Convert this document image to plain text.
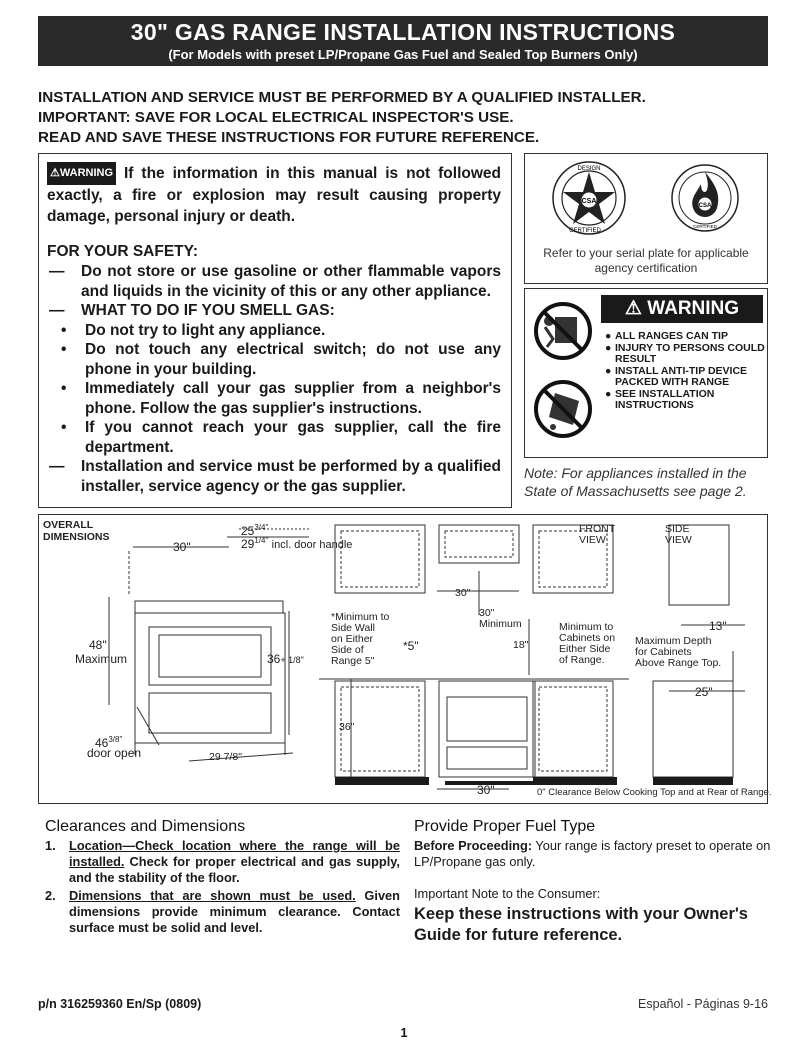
30" GAS RANGE INSTALLATION INSTRUCTIONS
(For Models with preset LP/Propane Gas Fuel and Sealed Top Burners Only)
INSTALLATION AND SERVICE MUST BE PERFORMED BY A QUALIFIED INSTALLER.
IMPORTANT: SAVE FOR LOCAL ELECTRICAL INSPECTOR'S USE.
READ AND SAVE THESE INSTRUCTIONS FOR FUTURE REFERENCE.
⚠WARNING If the information in this manual is not followed exactly, a fire or explosion may result causing property damage, personal injury or death.
FOR YOUR SAFETY:
—	Do not store or use gasoline or other flammable vapors and liquids in the vicinity of this or any other appliance.
—	WHAT TO DO IF YOU SMELL GAS:
•	Do not try to light any appliance.
•	Do not touch any electrical switch; do not use any phone in your building.
•	Immediately call your gas supplier from a neighbor's phone. Follow the gas supplier's instructions.
•	If you cannot reach your gas supplier, call the fire department.
—	Installation and service must be performed by a qualified installer, service agency or the gas supplier.
CSA
DESIGN
CERTIFIED
CSA
CERTIFIED
Refer to your serial plate for applicable agency certification
⚠ WARNING
● ALL RANGES CAN TIP
● INJURY TO PERSONS COULD RESULT
● INSTALL ANTI-TIP DEVICE PACKED WITH RANGE
● SEE INSTALLATION INSTRUCTIONS
Note: For appliances installed in the State of Massachusetts see page 2.
OVERALL
DIMENSIONS
30"
$25^{3/4"}$
$29^{1/4"}$ incl. door handle
48"
Maximum	36+ 1/8"
$46^{3/8"}$
door open	29 7/8"
FRONT
VIEW
SIDE
VIEW
30"
*Minimum to
Side Wall
on Either
Side of
Range 5"
*5"
30"
Minimum
18"
Minimum to
Cabinets on
Either Side
of Range.
13"
Maximum Depth
for Cabinets
Above Range Top.
25"
36"
30"	0" Clearance Below Cooking Top and at Rear of Range.
Clearances and Dimensions
1.	Location—Check location where the range will be installed. Check for proper electrical and gas supply, and the stability of the floor.
2.	Dimensions that are shown must be used. Given dimensions provide minimum clearance. Contact surface must be solid and level.
Provide Proper Fuel Type
Before Proceeding: Your range is factory preset to operate on LP/Propane gas only.
Important Note to the Consumer:
Keep these instructions with your Owner's Guide for future reference.
p/n 316259360 En/Sp (0809)	Español - Páginas 9-16
1
